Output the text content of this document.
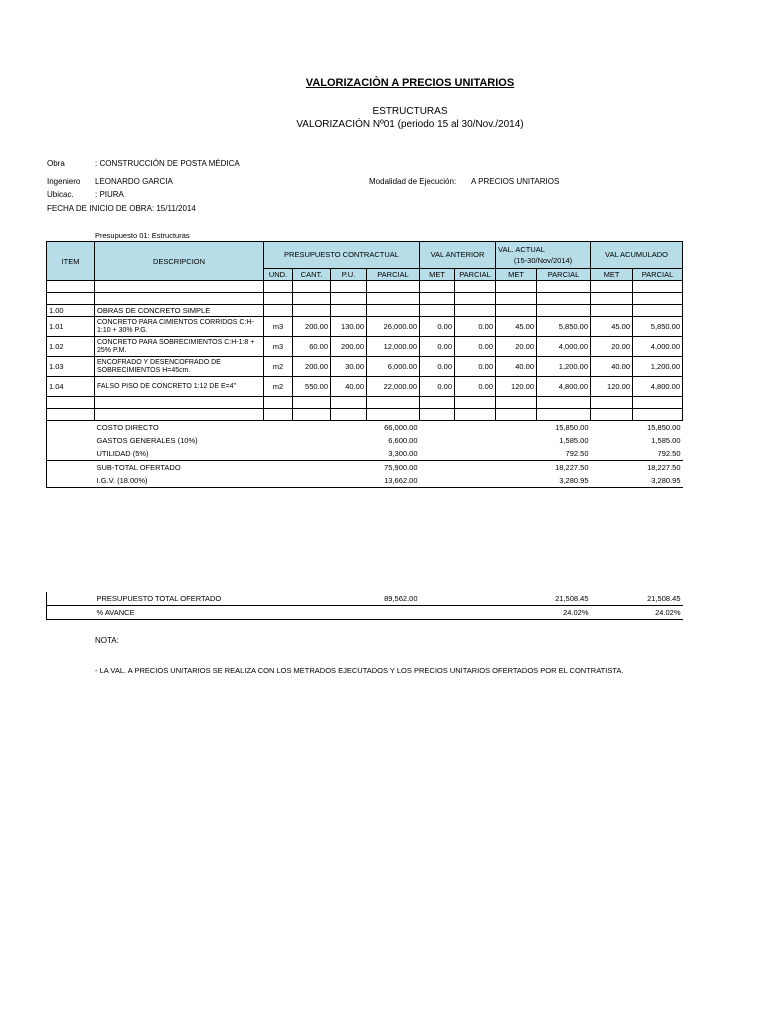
VALORIZACIÒN A PRECIOS UNITARIOS
ESTRUCTURAS
VALORIZACIÓN Nº01 (periodo 15 al 30/Nov./2014)
Obra	: CONSTRUCCIÓN DE POSTA MÉDICA
Ingeniero LEONARDO GARCIA	Modalidad de Ejecución: A PRECIOS UNITARIOS
Ubicac.	: PIURA
FECHA DE INICIO DE OBRA: 15/11/2014
Presupuesto 01: Estructuras
ITEM	DESCRIPCION	PRESUPUESTO CONTRACTUAL				VAL ANTERIOR		VAL. ACTUAL
(15-30/Nov/2014)		VAL ACUMULADO	
		UND.	CANT.	P.U.	PARCIAL	MET	PARCIAL	MET	PARCIAL	MET	PARCIAL

1.00	OBRAS DE CONCRETO SIMPLE										
1.01	CONCRETO PARA CIMIENTOS CORRIDOS C:H-1:10 + 30% P.G.	m3	200.00	130.00	26,000.00	0.00	0.00	45.00	5,850.00	45.00	5,850.00
1.02	CONCRETO PARA SOBRECIMIENTOS C:H-1:8 + 25% P.M.	m3	60.00	200.00	12,000.00	0.00	0.00	20.00	4,000.00	20.00	4,000.00
1.03	ENCOFRADO Y DESENCOFRADO DE SOBRECIMIENTOS H=45cm.	m2	200.00	30.00	6,000.00	0.00	0.00	40.00	1,200.00	40.00	1,200.00
1.04	FALSO PISO DE CONCRETO 1:12 DE E=4"	m2	550.00	40.00	22,000.00	0.00	0.00	120.00	4,800.00	120.00	4,800.00

	COSTO DIRECTO				66,000.00				15,850.00		15,850.00
	GASTOS GENERALES (10%)				6,600.00				1,585.00		1,585.00
	UTILIDAD (5%)				3,300.00				792.50		792.50
	SUB-TOTAL OFERTADO				75,900.00				18,227.50		18,227.50
	I.G.V. (18.00%)				13,662.00				3,280.95		3,280.95
	PRESUPUESTO TOTAL OFERTADO	89,562.00				21,508.45		21,508.45
	% AVANCE					24.02%		24.02%
NOTA:
- LA VAL. A PRECIOS UNITARIOS SE REALIZA CON LOS METRADOS EJECUTADOS Y LOS PRECIOS UNITARIOS OFERTADOS POR EL CONTRATISTA.
